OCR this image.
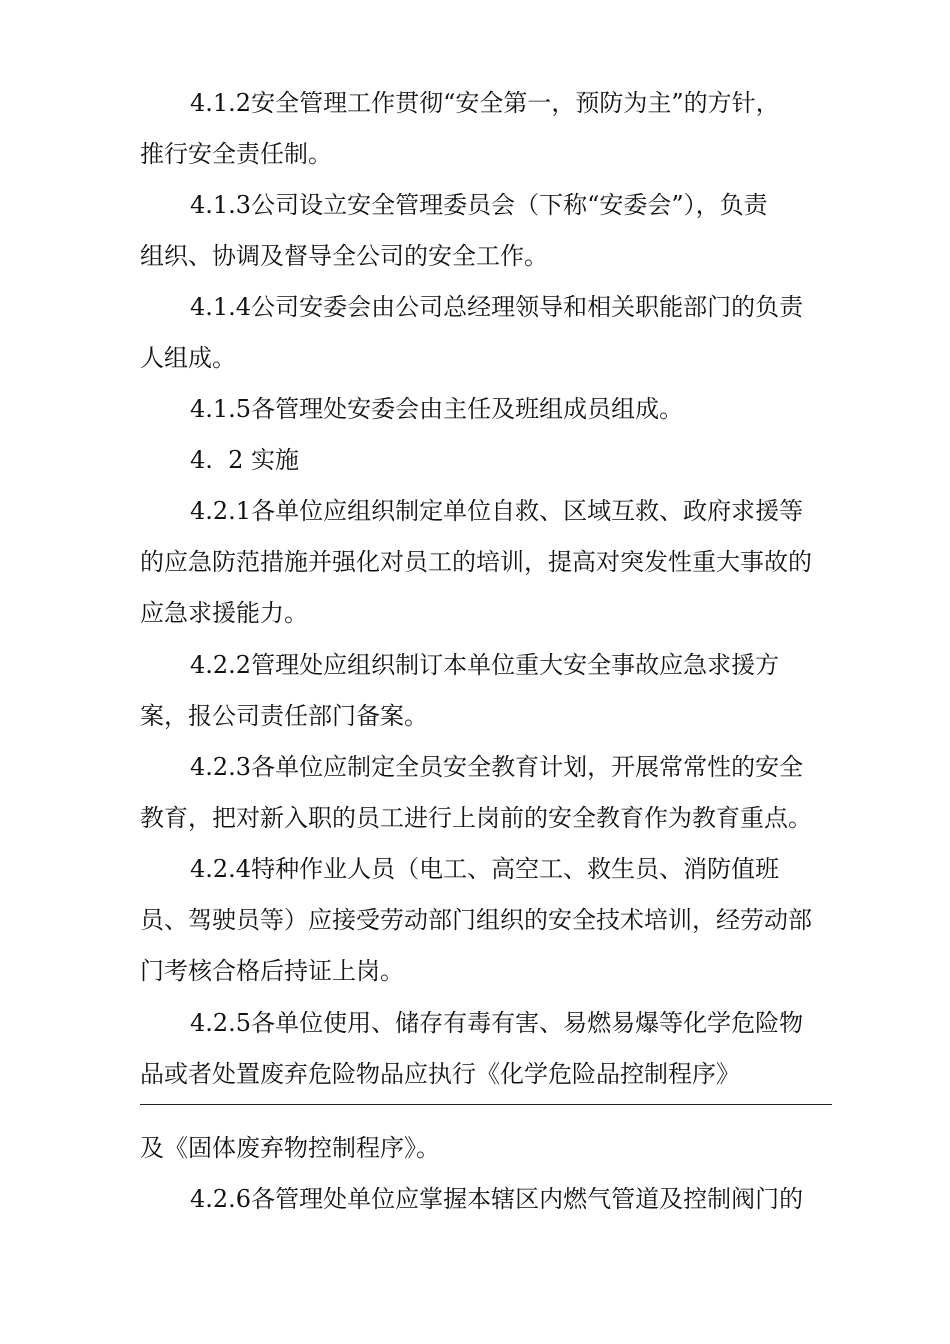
4.1.2安全管理工作贯彻“安全第一，预防为主”的方针，
推行安全责任制。
4.1.3公司设立安全管理委员会（下称“安委会”），负责
组织、协调及督导全公司的安全工作。
4.1.4公司安委会由公司总经理领导和相关职能部门的负责
人组成。
4.1.5各管理处安委会由主任及班组成员组成。
4.  2 实施
4.2.1各单位应组织制定单位自救、区域互救、政府求援等
的应急防范措施并强化对员工的培训，提高对突发性重大事故的
应急求援能力。
4.2.2管理处应组织制订本单位重大安全事故应急求援方
案，报公司责任部门备案。
4.2.3各单位应制定全员安全教育计划，开展常常性的安全
教育，把对新入职的员工进行上岗前的安全教育作为教育重点。
4.2.4特种作业人员（电工、高空工、救生员、消防值班
员、驾驶员等）应接受劳动部门组织的安全技术培训，经劳动部
门考核合格后持证上岗。
4.2.5各单位使用、储存有毒有害、易燃易爆等化学危险物
品或者处置废弃危险物品应执行《化学危险品控制程序》
及《固体废弃物控制程序》。
4.2.6各管理处单位应掌握本辖区内燃气管道及控制阀门的
